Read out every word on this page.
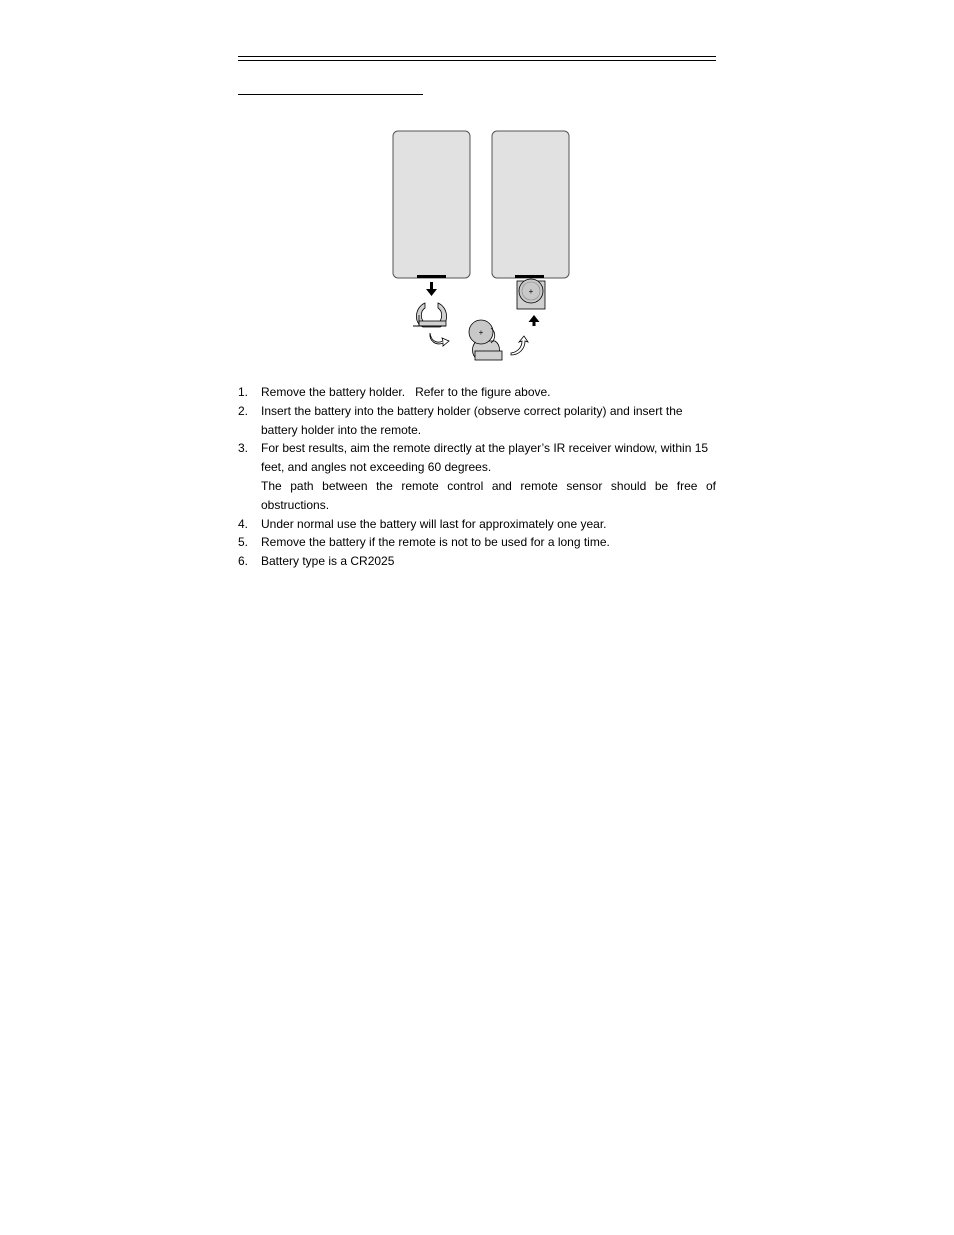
+
+
1. Remove the battery holder.   Refer to the figure above.
2. Insert the battery into the battery holder (observe correct polarity) and insert the battery holder into the remote.
3. For best results, aim the remote directly at the player’s IR receiver window, within 15 feet, and angles not exceeding 60 degrees.
The path between the remote control and remote sensor should be free of obstructions.
4. Under normal use the battery will last for approximately one year.
5. Remove the battery if the remote is not to be used for a long time.
6. Battery type is a CR2025
